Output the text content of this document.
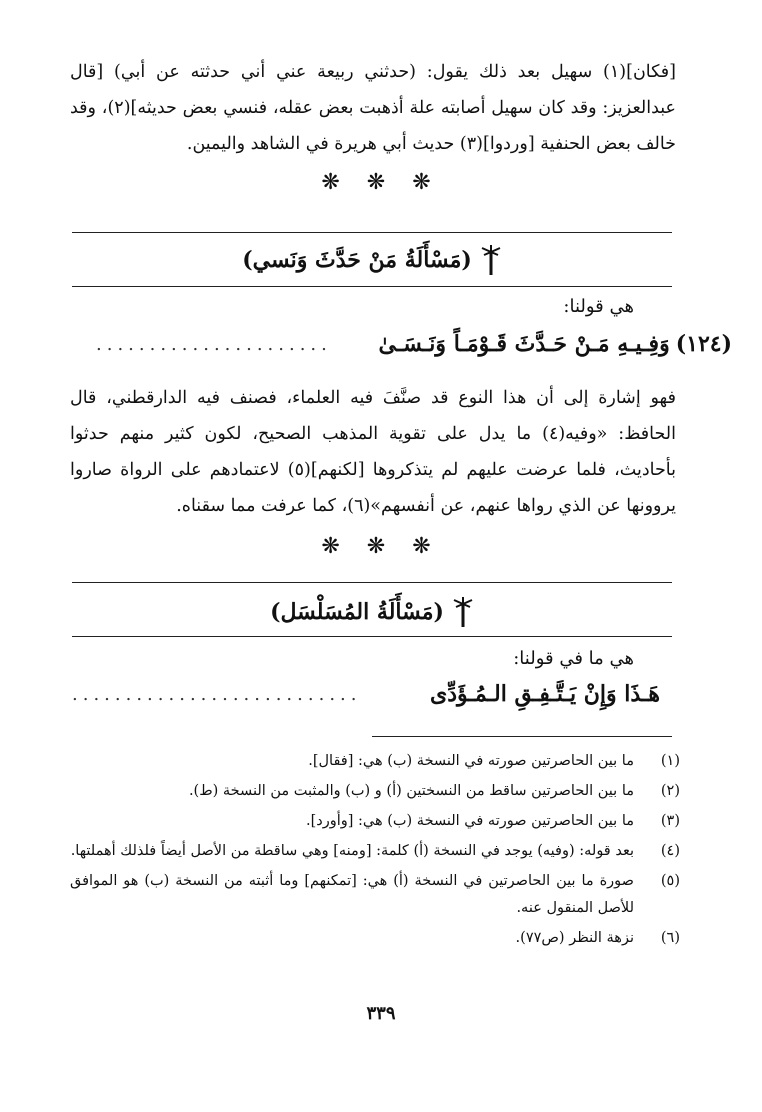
[فكان](١) سهيل بعد ذلك يقول: (حدثني ربيعة عني أني حدثته عن أبي) [قال عبدالعزيز: وقد كان سهيل أصابته علة أذهبت بعض عقله، فنسي بعض حديثه](٢)، وقد خالف بعض الحنفية [وردوا](٣) حديث أبي هريرة في الشاهد واليمين.
❋ ❋ ❋
(مَسْأَلَةُ مَنْ حَدَّثَ وَنَسي)
هي قولنا:
(١٢٤)
وَفِـيـهِ مَـنْ حَـدَّثَ قَـوْمَـاً وَنَـسَـىٰ
......................
فهو إشارة إلى أن هذا النوع قد صنَّفَ فيه العلماء، فصنف فيه الدارقطني، قال الحافظ: «وفيه(٤) ما يدل على تقوية المذهب الصحيح، لكون كثير منهم حدثوا بأحاديث، فلما عرضت عليهم لم يتذكروها [لكنهم](٥) لاعتمادهم على الرواة صاروا يروونها عن الذي رواها عنهم، عن أنفسهم»(٦)، كما عرفت مما سقناه.
❋ ❋ ❋
(مَسْأَلَةُ المُسَلْسَل)
هي ما في قولنا:
هَـذَا وَإِنْ يَـتَّـفِـقِ الـمُـؤَدِّى
...........................
(١)
ما بين الحاصرتين صورته في النسخة (ب) هي: [فقال].
(٢)
ما بين الحاصرتين ساقط من النسختين (أ) و (ب) والمثبت من النسخة (ط).
(٣)
ما بين الحاصرتين صورته في النسخة (ب) هي: [وأورد].
(٤)
بعد قوله: (وفيه) يوجد في النسخة (أ) كلمة: [ومنه] وهي ساقطة من الأصل أيضاً فلذلك أهملتها.
(٥)
صورة ما بين الحاصرتين في النسخة (أ) هي: [تمكنهم] وما أثبته من النسخة (ب) هو الموافق للأصل المنقول عنه.
(٦)
نزهة النظر (ص٧٧).
٣٣٩
